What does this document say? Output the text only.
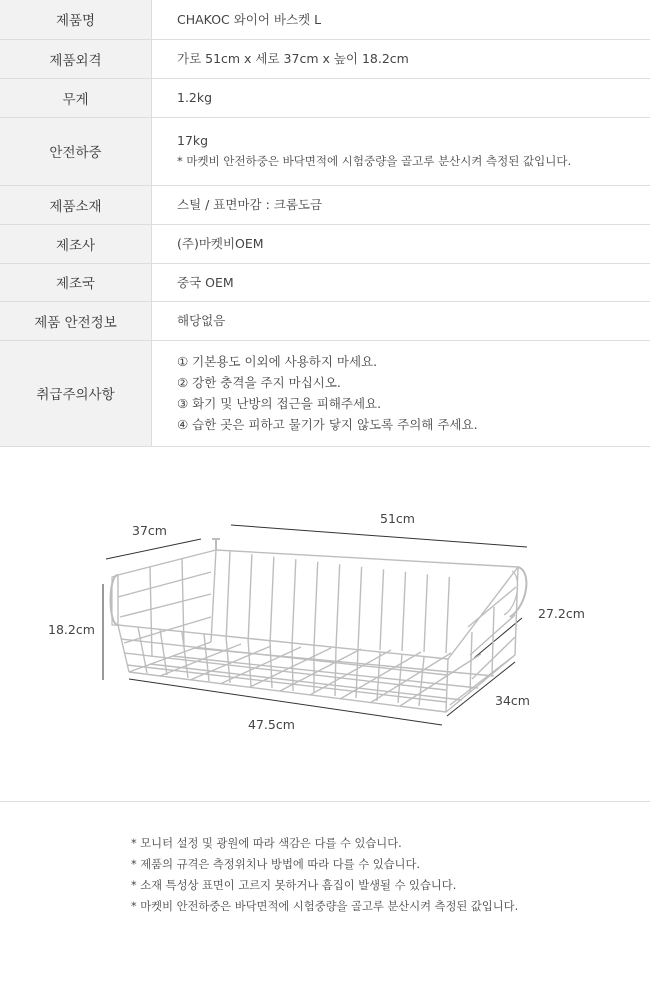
제품명	CHAKOC 와이어 바스켓 L

제품외격	가로 51cm x 세로 37cm x 높이 18.2cm

무게	1.2kg

안전하중	17kg
* 마켓비 안전하중은 바닥면적에 시험중량을 골고루 분산시켜 측정된 값입니다.

제품소재	스틸 / 표면마감 : 크롬도금

제조사	(주)마켓비OEM

제조국	중국 OEM

제품 안전정보	해당없음

취급주의사항	① 기본용도 이외에 사용하지 마세요.
② 강한 충격을 주지 마십시오.
③ 화기 및 난방의 접근을 피해주세요.
④ 습한 곳은 피하고 물기가 닿지 않도록 주의해 주세요.
37cm
51cm
18.2cm
27.2cm
34cm
47.5cm
* 모니터 설정 및 광원에 따라 색감은 다를 수 있습니다.
* 제품의 규격은 측정위치나 방법에 따라 다를 수 있습니다.
* 소재 특성상 표면이 고르지 못하거나 흠집이 발생될 수 있습니다.
* 마켓비 안전하중은 바닥면적에 시험중량을 골고루 분산시켜 측정된 값입니다.
